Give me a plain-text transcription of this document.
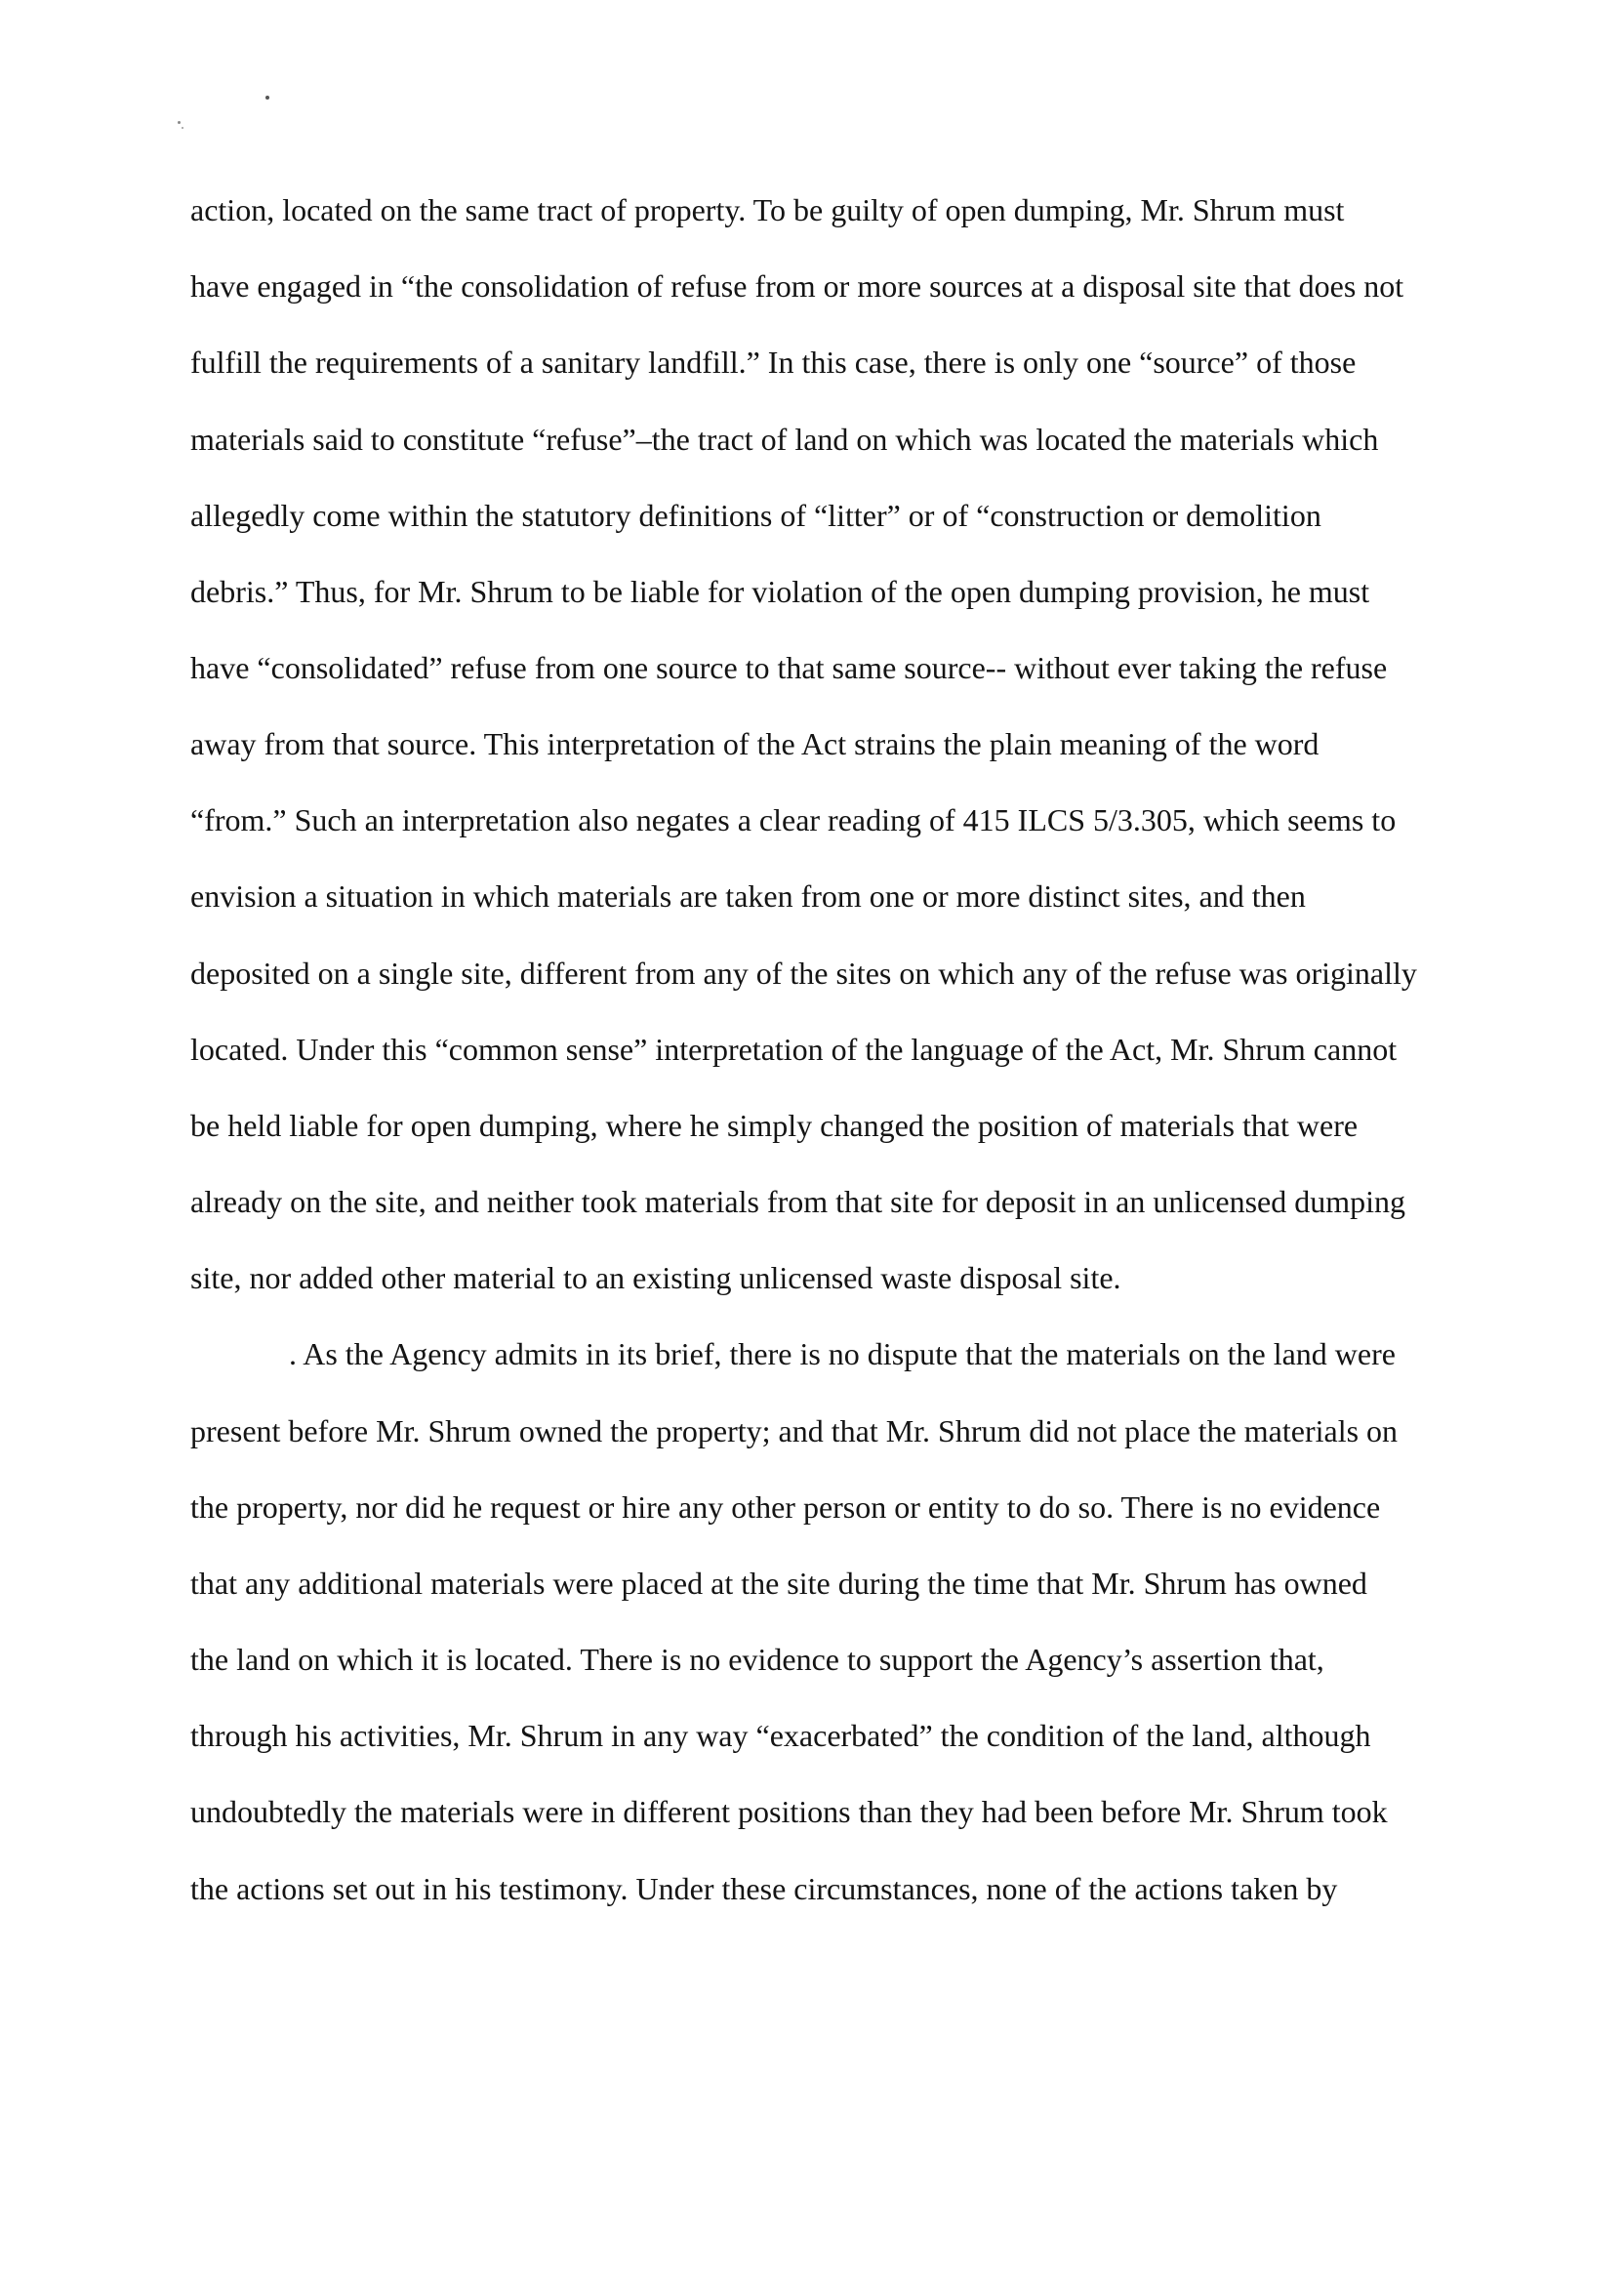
action, located on the same tract of property. To be guilty of open dumping, Mr. Shrum must

have engaged in “the consolidation of refuse from or more sources at a disposal site that does not

fulfill the requirements of a sanitary landfill.” In this case, there is only one “source” of those

materials said to constitute “refuse”–the tract of land on which was located the materials which

allegedly come within the statutory definitions of “litter” or of “construction or demolition

debris.” Thus, for Mr. Shrum to be liable for violation of the open dumping provision, he must

have “consolidated” refuse from one source to that same source-- without ever taking the refuse

away from that source. This interpretation of the Act strains the plain meaning of the word

“from.” Such an interpretation also negates a clear reading of 415 ILCS 5/3.305, which seems to

envision a situation in which materials are taken from one or more distinct sites, and then

deposited on a single site, different from any of the sites on which any of the refuse was originally

located. Under this “common sense” interpretation of the language of the Act, Mr. Shrum cannot

be held liable for open dumping, where he simply changed the position of materials that were

already on the site, and neither took materials from that site for deposit in an unlicensed dumping

site, nor added other material to an existing unlicensed waste disposal site.

. As the Agency admits in its brief, there is no dispute that the materials on the land were

present before Mr. Shrum owned the property; and that Mr. Shrum did not place the materials on

the property, nor did he request or hire any other person or entity to do so. There is no evidence

that any additional materials were placed at the site during the time that Mr. Shrum has owned

the land on which it is located. There is no evidence to support the Agency’s assertion that,

through his activities, Mr. Shrum in any way “exacerbated” the condition of the land, although

undoubtedly the materials were in different positions than they had been before Mr. Shrum took

the actions set out in his testimony. Under these circumstances, none of the actions taken by
